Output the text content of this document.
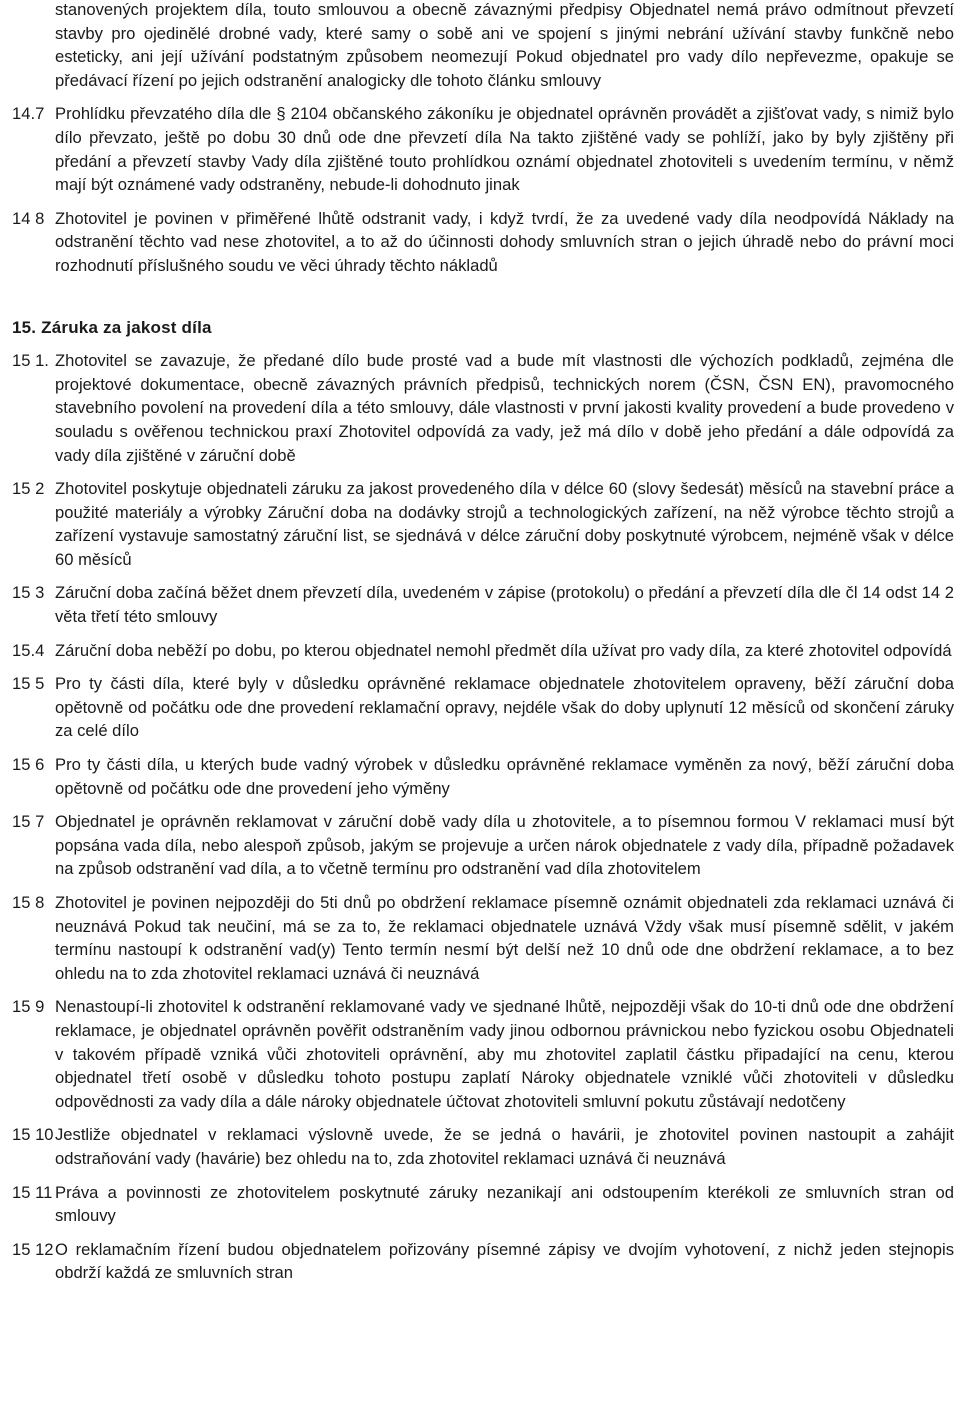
stanovených projektem díla, touto smlouvou a obecně závaznými předpisy Objednatel nemá právo odmítnout převzetí stavby pro ojedinělé drobné vady, které samy o sobě ani ve spojení s jinými nebrání užívání stavby funkčně nebo esteticky, ani její užívání podstatným způsobem neomezují Pokud objednatel pro vady dílo nepřevezme, opakuje se předávací řízení po jejich odstranění analogicky dle tohoto článku smlouvy
14.7 Prohlídku převzatého díla dle § 2104 občanského zákoníku je objednatel oprávněn provádět a zjišťovat vady, s nimiž bylo dílo převzato, ještě po dobu 30 dnů ode dne převzetí díla Na takto zjištěné vady se pohlíží, jako by byly zjištěny při předání a převzetí stavby Vady díla zjištěné touto prohlídkou oznámí objednatel zhotoviteli s uvedením termínu, v němž mají být oznámené vady odstraněny, nebude-li dohodnuto jinak
14 8 Zhotovitel je povinen v přiměřené lhůtě odstranit vady, i když tvrdí, že za uvedené vady díla neodpovídá Náklady na odstranění těchto vad nese zhotovitel, a to až do účinnosti dohody smluvních stran o jejich úhradě nebo do právní moci rozhodnutí příslušného soudu ve věci úhrady těchto nákladů
15. Záruka za jakost díla
15 1. Zhotovitel se zavazuje, že předané dílo bude prosté vad a bude mít vlastnosti dle výchozích podkladů, zejména dle projektové dokumentace, obecně závazných právních předpisů, technických norem (ČSN, ČSN EN), pravomocného stavebního povolení na provedení díla a této smlouvy, dále vlastnosti v první jakosti kvality provedení a bude provedeno v souladu s ověřenou technickou praxí Zhotovitel odpovídá za vady, jež má dílo v době jeho předání a dále odpovídá za vady díla zjištěné v záruční době
15 2 Zhotovitel poskytuje objednateli záruku za jakost provedeného díla v délce 60 (slovy šedesát) měsíců na stavební práce a použité materiály a výrobky Záruční doba na dodávky strojů a technologických zařízení, na něž výrobce těchto strojů a zařízení vystavuje samostatný záruční list, se sjednává v délce záruční doby poskytnuté výrobcem, nejméně však v délce 60 měsíců
15 3 Záruční doba začíná běžet dnem převzetí díla, uvedeném v zápise (protokolu) o předání a převzetí díla dle čl 14 odst 14 2 věta třetí této smlouvy
15.4 Záruční doba neběží po dobu, po kterou objednatel nemohl předmět díla užívat pro vady díla, za které zhotovitel odpovídá
15 5 Pro ty části díla, které byly v důsledku oprávněné reklamace objednatele zhotovitelem opraveny, běží záruční doba opětovně od počátku ode dne provedení reklamační opravy, nejdéle však do doby uplynutí 12 měsíců od skončení záruky za celé dílo
15 6 Pro ty části díla, u kterých bude vadný výrobek v důsledku oprávněné reklamace vyměněn za nový, běží záruční doba opětovně od počátku ode dne provedení jeho výměny
15 7 Objednatel je oprávněn reklamovat v záruční době vady díla u zhotovitele, a to písemnou formou V reklamaci musí být popsána vada díla, nebo alespoň způsob, jakým se projevuje a určen nárok objednatele z vady díla, případně požadavek na způsob odstranění vad díla, a to včetně termínu pro odstranění vad díla zhotovitelem
15 8 Zhotovitel je povinen nejpozději do 5ti dnů po obdržení reklamace písemně oznámit objednateli zda reklamaci uznává či neuznává Pokud tak neučiní, má se za to, že reklamaci objednatele uznává Vždy však musí písemně sdělit, v jakém termínu nastoupí k odstranění vad(y) Tento termín nesmí být delší než 10 dnů ode dne obdržení reklamace, a to bez ohledu na to zda zhotovitel reklamaci uznává či neuznává
15 9 Nenastoupí-li zhotovitel k odstranění reklamované vady ve sjednané lhůtě, nejpozději však do 10-ti dnů ode dne obdržení reklamace, je objednatel oprávněn pověřit odstraněním vady jinou odbornou právnickou nebo fyzickou osobu Objednateli v takovém případě vzniká vůči zhotoviteli oprávnění, aby mu zhotovitel zaplatil částku připadající na cenu, kterou objednatel třetí osobě v důsledku tohoto postupu zaplatí Nároky objednatele vzniklé vůči zhotoviteli v důsledku odpovědnosti za vady díla a dále nároky objednatele účtovat zhotoviteli smluvní pokutu zůstávají nedotčeny
15 10 Jestliže objednatel v reklamaci výslovně uvede, že se jedná o havárii, je zhotovitel povinen nastoupit a zahájit odstraňování vady (havárie) bez ohledu na to, zda zhotovitel reklamaci uznává či neuznává
15 11 Práva a povinnosti ze zhotovitelem poskytnuté záruky nezanikají ani odstoupením kterékoli ze smluvních stran od smlouvy
15 12 O reklamačním řízení budou objednatelem pořizovány písemné zápisy ve dvojím vyhotovení, z nichž jeden stejnopis obdrží každá ze smluvních stran
